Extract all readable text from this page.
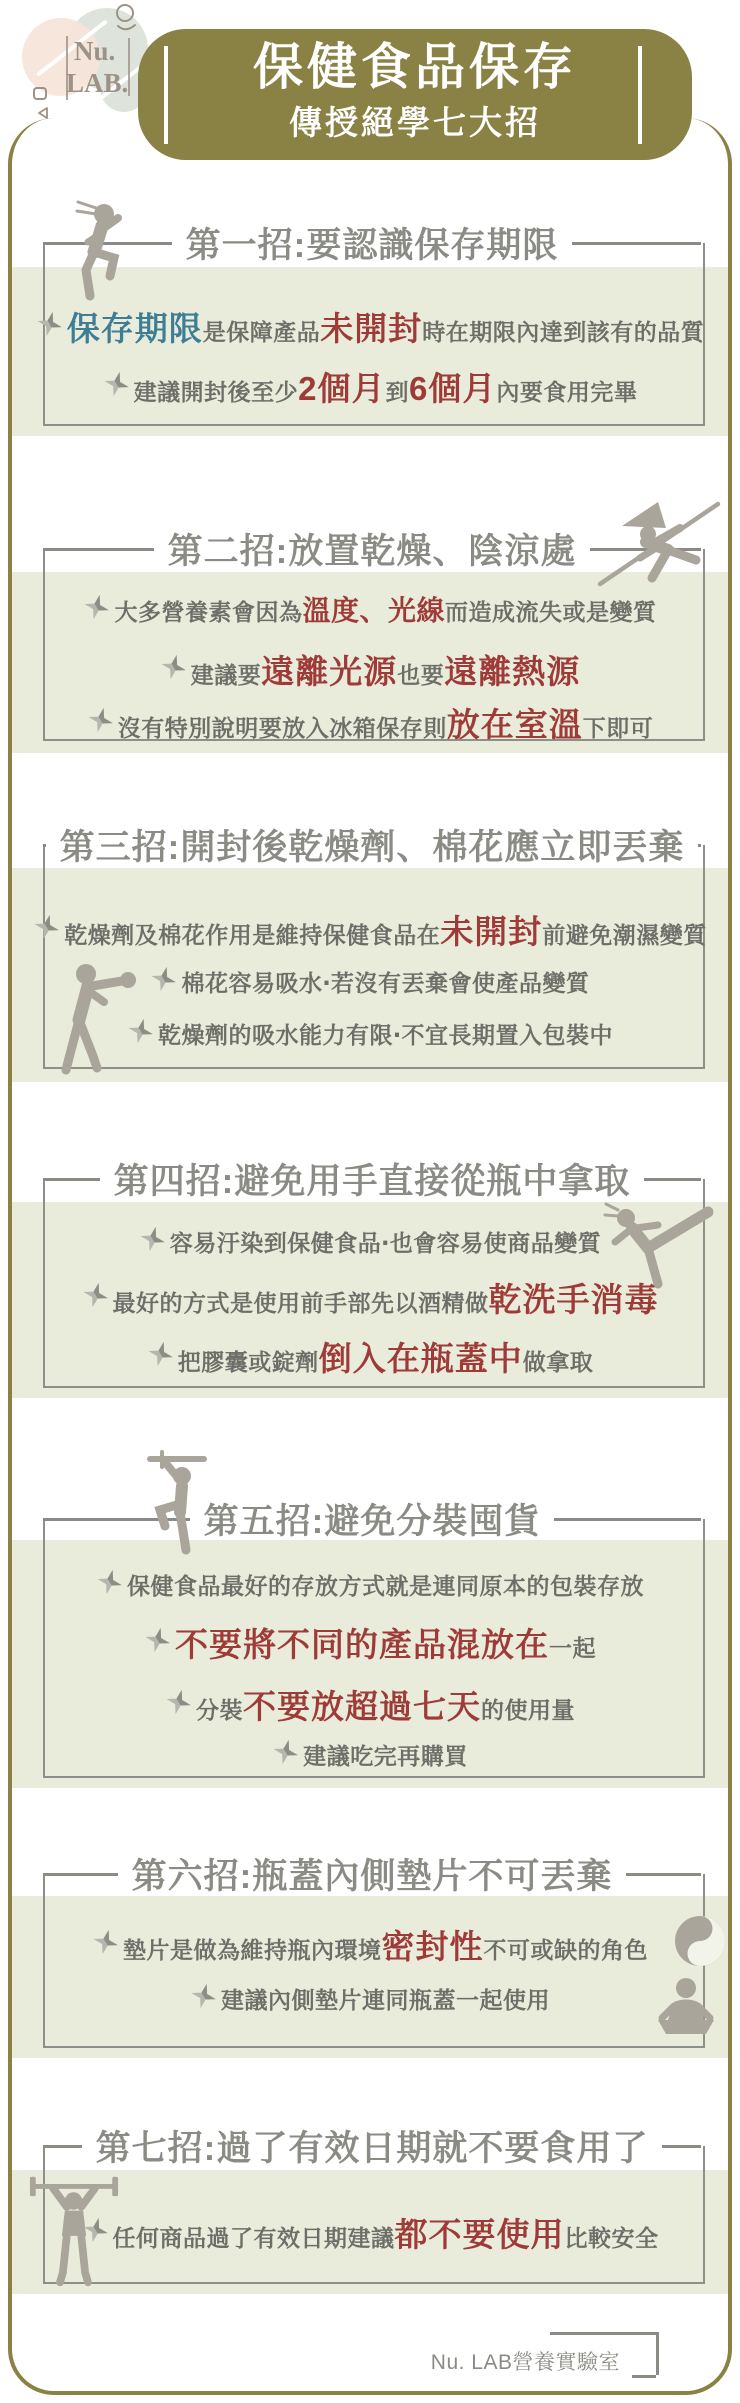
Nu.
LAB.	保健食品保存
傳授絕學七大招
第一招:要認識保存期限
保存期限 是保障產品 未開封 時在期限內達到該有的品質
建議開封後至少 2個月 到 6個月 內要食用完畢
第二招:放置乾燥、陰涼處
大多營養素會因為 溫度、光線 而造成流失或是變質
建議要 遠離光源 也要 遠離熱源
沒有特別說明要放入冰箱保存則 放在室溫 下即可
第三招:開封後乾燥劑、棉花應立即丟棄
乾燥劑及棉花作用是維持保健食品在 未開封 前避免潮濕變質
棉花容易吸水‧若沒有丟棄會使產品變質
乾燥劑的吸水能力有限‧不宜長期置入包裝中
第四招:避免用手直接從瓶中拿取
容易汙染到保健食品‧也會容易使商品變質
最好的方式是使用前手部先以酒精做 乾洗手消毒
把膠囊或錠劑 倒入在瓶蓋中 做拿取
第五招:避免分裝囤貨
保健食品最好的存放方式就是連同原本的包裝存放
不要將不同的產品混放在 一起
分裝 不要放超過七天 的使用量
建議吃完再購買
第六招:瓶蓋內側墊片不可丟棄
墊片是做為維持瓶內環境 密封性 不可或缺的角色
建議內側墊片連同瓶蓋一起使用
第七招:過了有效日期就不要食用了
任何商品過了有效日期建議 都不要使用 比較安全
Nu. LAB營養實驗室
